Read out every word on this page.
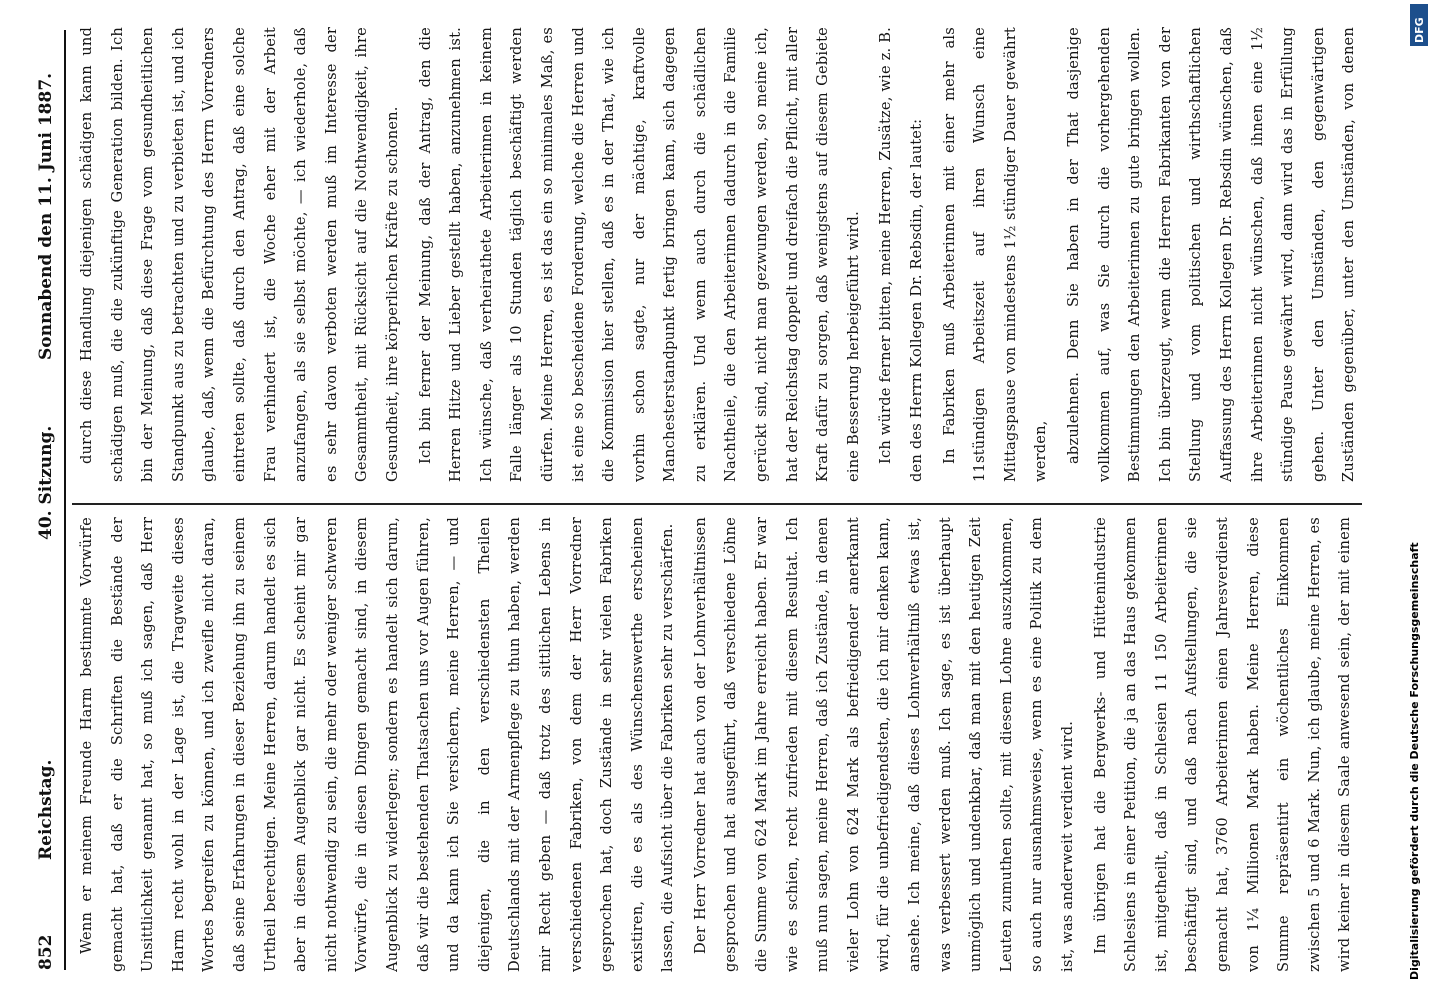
852
Reichstag.
40. Sitzung.
Sonnabend den 11. Juni 1887.

Wenn er meinem Freunde Harm bestimmte Vorwürfe gemacht hat, daß er die Schriften die Bestände der Unsittlichkeit genannt hat, so muß ich sagen, daß Herr Harm recht wohl in der Lage ist, die Tragweite dieses Wortes begreifen zu können, und ich zweifle nicht daran, daß seine Erfahrungen in dieser Beziehung ihn zu seinem Urtheil berechtigen. Meine Herren, darum handelt es sich aber in diesem Augenblick gar nicht. Es scheint mir gar nicht nothwendig zu sein, die mehr oder weniger schweren Vorwürfe, die in diesen Dingen gemacht sind, in diesem Augenblick zu widerlegen; sondern es handelt sich darum, daß wir die bestehenden Thatsachen uns vor Augen führen, und da kann ich Sie versichern, meine Herren, — und diejenigen, die in den verschiedensten Theilen Deutschlands mit der Armenpflege zu thun haben, werden mir Recht geben — daß trotz des sittlichen Lebens in verschiedenen Fabriken, von dem der Herr Vorredner gesprochen hat, doch Zustände in sehr vielen Fabriken existiren, die es als des Wünschenswerthe erscheinen lassen, die Aufsicht über die Fabriken sehr zu verschärfen.	Der Herr Vorredner hat auch von der Lohnverhältnissen gesprochen und hat ausgeführt, daß verschiedene Löhne die Summe von 624 Mark im Jahre erreicht haben. Er war wie es schien, recht zufrieden mit diesem Resultat. Ich muß nun sagen, meine Herren, daß ich Zustände, in denen vieler Lohn von 624 Mark als befriedigender anerkannt wird, für die unbefriedigendsten, die ich mir denken kann, ansehe. Ich meine, daß dieses Lohnverhältniß etwas ist, was verbessert werden muß. Ich sage, es ist überhaupt unmöglich und undenkbar, daß man mit den heutigen Zeit Leuten zumuthen sollte, mit diesem Lohne auszukommen, so auch nur ausnahmsweise, wenn es eine Politik zu dem ist, was anderweit verdient wird.	Im übrigen hat die Bergwerks- und Hüttenindustrie Schlesiens in einer Petition, die ja an das Haus gekommen ist, mitgetheilt, daß in Schlesien 11 150 Arbeiterinnen beschäftigt sind, und daß nach Aufstellungen, die sie gemacht hat, 3760 Arbeiterinnen einen Jahresverdienst von 1¼ Millionen Mark haben. Meine Herren, diese Summe repräsentirt ein wöchentliches Einkommen zwischen 5 und 6 Mark. Nun, ich glaube, meine Herren, es wird keiner in diesem Saale anwesend sein, der mit einem

durch diese Handlung diejenigen schädigen kann und schädigen muß, die die zukünftige Generation bilden. Ich bin der Meinung, daß diese Frage vom gesundheitlichen Standpunkt aus zu betrachten und zu verbieten ist, und ich glaube, daß, wenn die Befürchtung des Herrn Vorredners eintreten sollte, daß durch den Antrag, daß eine solche Frau verhindert ist, die Woche eher mit der Arbeit anzufangen, als sie selbst möchte, — ich wiederhole, daß es sehr davon verboten werden muß im Interesse der Gesammtheit, mit Rücksicht auf die Nothwendigkeit, ihre Gesundheit, ihre körperlichen Kräfte zu schonen.	Ich bin ferner der Meinung, daß der Antrag, den die Herren Hitze und Lieber gestellt haben, anzunehmen ist. Ich wünsche, daß verheirathete Arbeiterinnen in keinem Falle länger als 10 Stunden täglich beschäftigt werden dürfen. Meine Herren, es ist das ein so minimales Maß, es ist eine so bescheidene Forderung, welche die Herren und die Kommission hier stellen, daß es in der That, wie ich vorhin schon sagte, nur der mächtige, kraftvolle Manchesterstandpunkt fertig bringen kann, sich dagegen zu erklären. Und wenn auch durch die schädlichen Nachtheile, die den Arbeiterinnen dadurch in die Familie gerückt sind, nicht man gezwungen werden, so meine ich, hat der Reichstag doppelt und dreifach die Pflicht, mit aller Kraft dafür zu sorgen, daß wenigstens auf diesem Gebiete eine Besserung herbeigeführt wird.	Ich würde ferner bitten, meine Herren, Zusätze, wie z. B. den des Herrn Kollegen Dr. Rebsdin, der lautet:	In Fabriken muß Arbeiterinnen mit einer mehr als 11stündigen Arbeitszeit auf ihren Wunsch eine Mittagspause von mindestens 1½ stündiger Dauer gewährt werden,	abzulehnen. Denn Sie haben in der That dasjenige vollkommen auf, was Sie durch die vorhergehenden Bestimmungen den Arbeiterinnen zu gute bringen wollen. Ich bin überzeugt, wenn die Herren Fabrikanten von der Stellung und vom politischen und wirthschaftlichen Auffassung des Herrn Kollegen Dr. Rebsdin wünschen, daß ihre Arbeiterinnen nicht wünschen, daß ihnen eine 1½ stündige Pause gewährt wird, dann wird das in Erfüllung gehen. Unter den Umständen, den gegenwärtigen Zuständen gegenüber, unter den Umständen, von denen	DFG
Digitalisierung gefördert durch die Deutsche Forschungsgemeinschaft
